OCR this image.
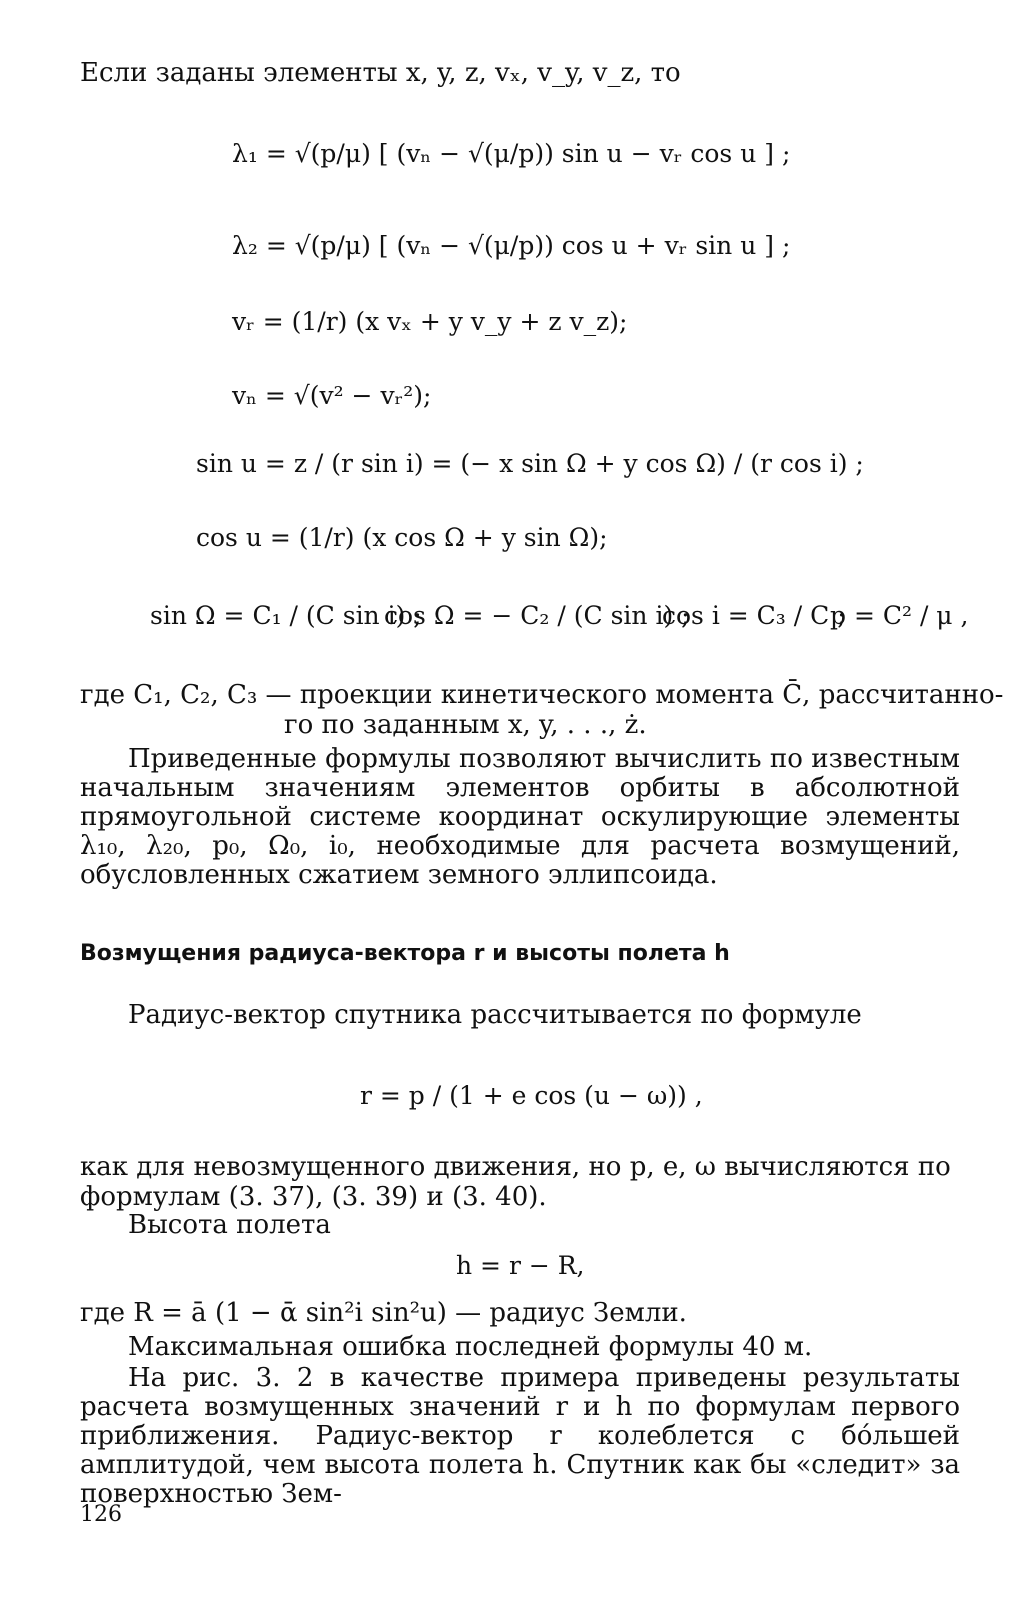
Если заданы элементы x, y, z, vₓ, v_y, v_z, то
λ₁ = √(p/μ) [ (vₙ − √(μ/p)) sin u − vᵣ cos u ] ;
λ₂ = √(p/μ) [ (vₙ − √(μ/p)) cos u + vᵣ sin u ] ;
vᵣ = (1/r) (x vₓ + y v_y + z v_z);
vₙ = √(v² − vᵣ²);
sin u = z / (r sin i) = (− x sin Ω + y cos Ω) / (r cos i) ;
cos u = (1/r) (x cos Ω + y sin Ω);
sin Ω = C₁ / (C sin i) ;
cos Ω = − C₂ / (C sin i) ;
cos i = C₃ / C ;
p = C² / μ ,
где C₁, C₂, C₃ — проекции кинетического момента C̄, рассчитанно-
го по заданным x, y, . . ., ż.
Приведенные формулы позволяют вычислить по известным начальным значениям элементов орбиты в абсолютной прямоугольной системе координат оскулирующие элементы λ₁₀, λ₂₀, p₀, Ω₀, i₀, необходимые для расчета возмущений, обусловленных сжатием земного эллипсоида.
Возмущения радиуса-вектора r и высоты полета h
Радиус-вектор спутника рассчитывается по формуле
r = p / (1 + e cos (u − ω)) ,
как для невозмущенного движения, но p, e, ω вычисляются по
формулам (3. 37), (3. 39) и (3. 40).
Высота полета
h = r − R,
где R = ā (1 − ᾱ sin²i sin²u) — радиус Земли.
Максимальная ошибка последней формулы 40 м.
На рис. 3. 2 в качестве примера приведены результаты расчета возмущенных значений r и h по формулам первого приближения. Радиус-вектор r колеблется с бо́льшей амплитудой, чем высота полета h. Спутник как бы «следит» за поверхностью Зем-
126
